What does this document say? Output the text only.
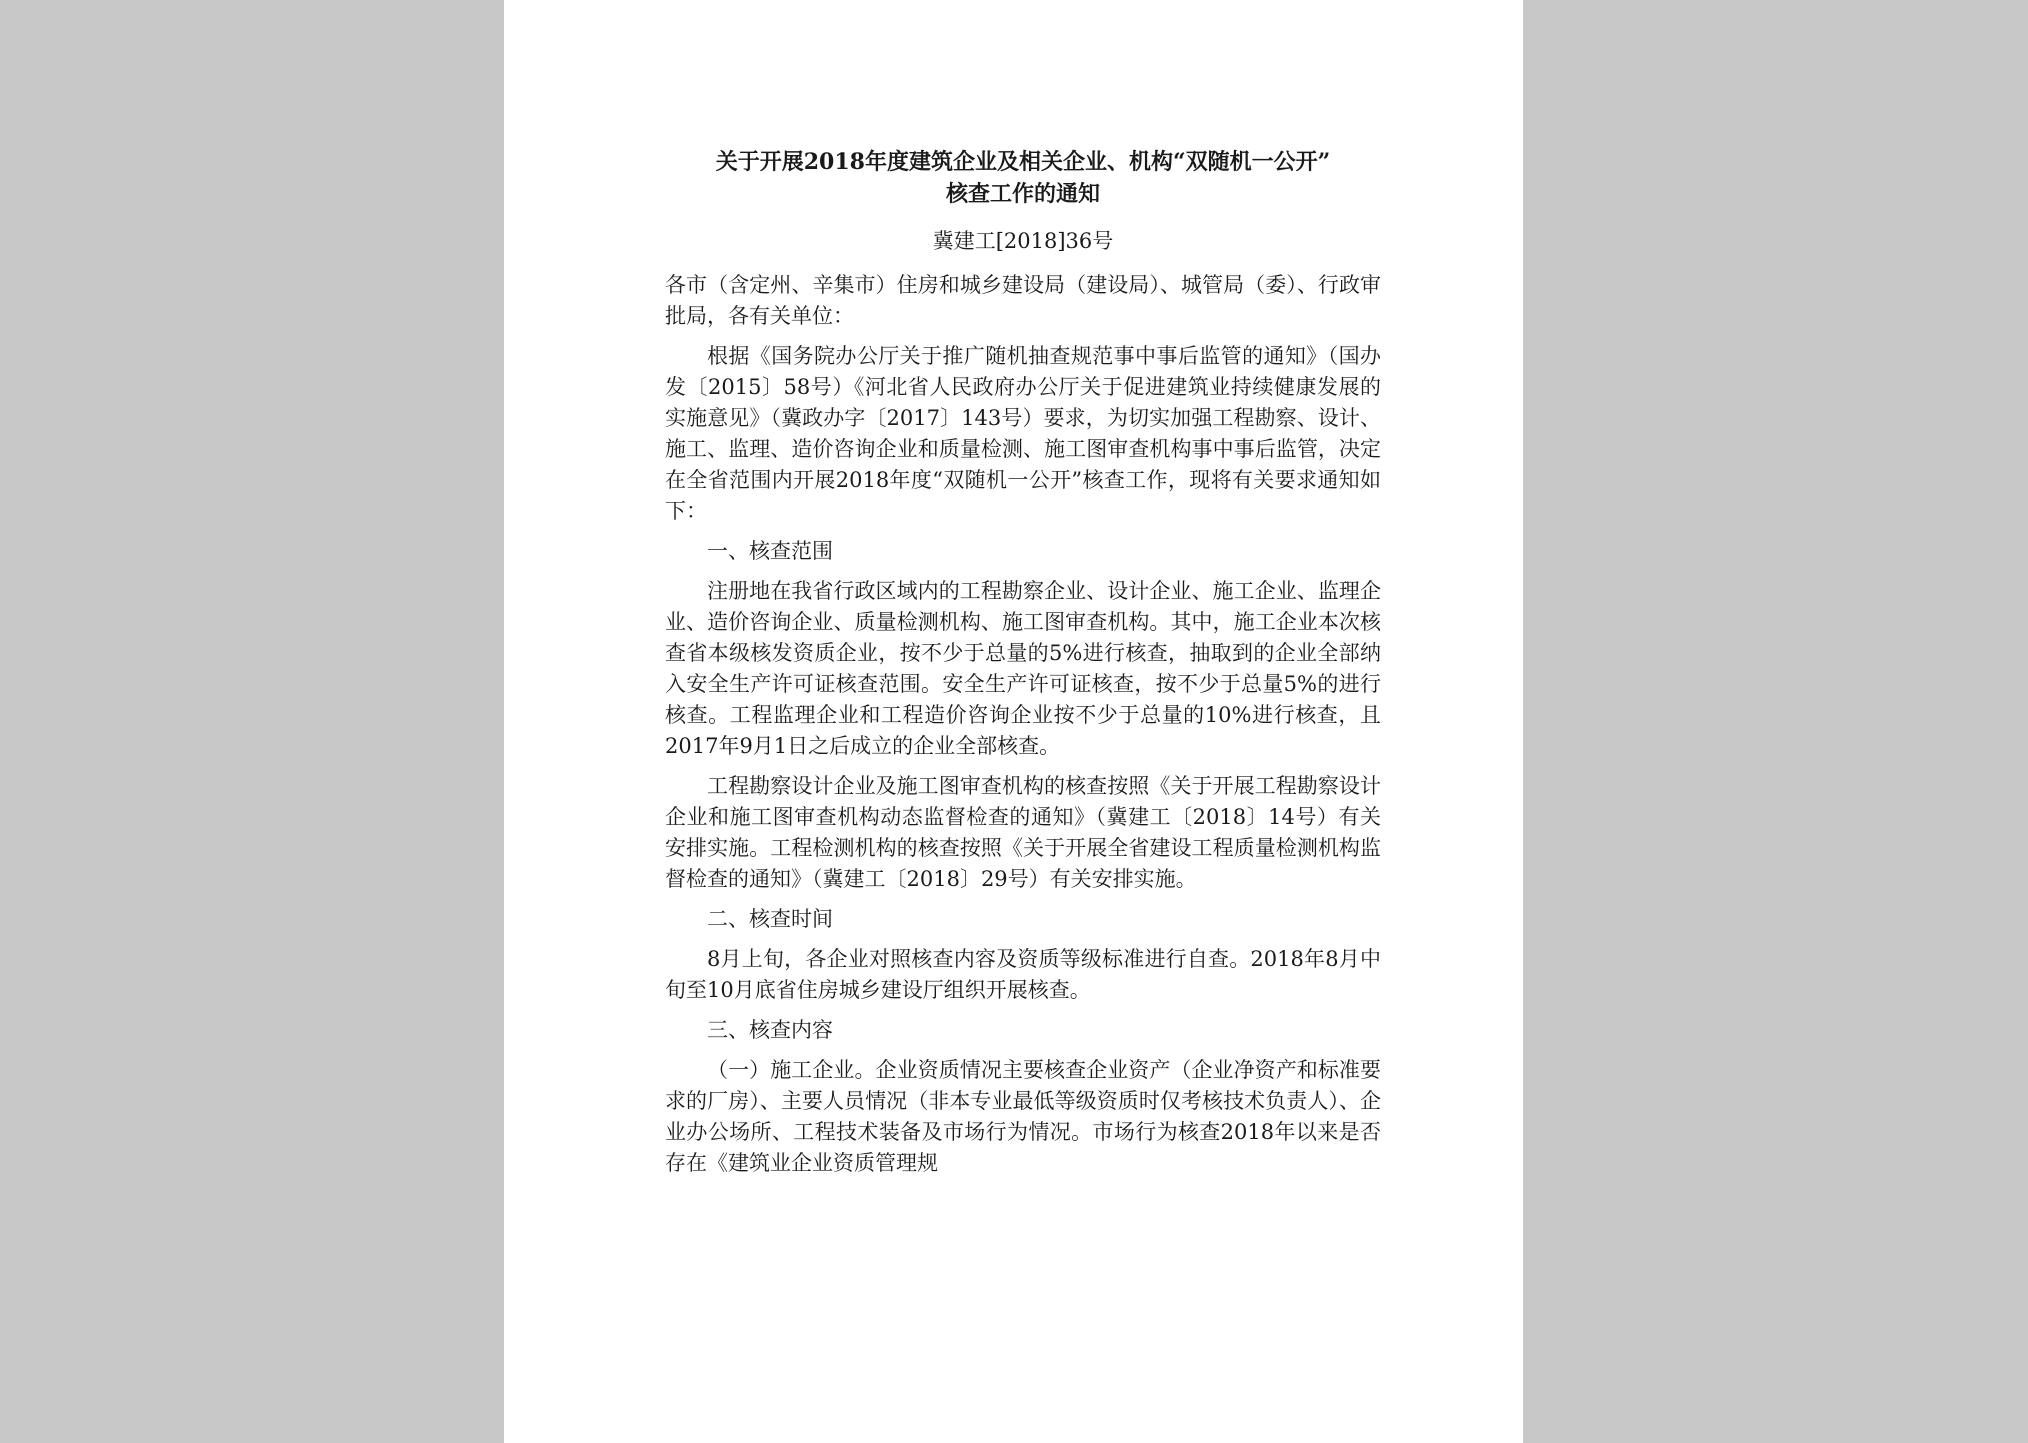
关于开展2018年度建筑企业及相关企业、机构“双随机一公开”

核查工作的通知

冀建工[2018]36号

各市（含定州、辛集市）住房和城乡建设局（建设局）、城管局（委）、行政审批局，各有关单位：

根据《国务院办公厅关于推广随机抽查规范事中事后监管的通知》（国办发〔2015〕58号）《河北省人民政府办公厅关于促进建筑业持续健康发展的实施意见》（冀政办字〔2017〕143号）要求，为切实加强工程勘察、设计、施工、监理、造价咨询企业和质量检测、施工图审查机构事中事后监管，决定在全省范围内开展2018年度“双随机一公开”核查工作，现将有关要求通知如下：

一、核查范围

注册地在我省行政区域内的工程勘察企业、设计企业、施工企业、监理企业、造价咨询企业、质量检测机构、施工图审查机构。其中，施工企业本次核查省本级核发资质企业，按不少于总量的5%进行核查，抽取到的企业全部纳入安全生产许可证核查范围。安全生产许可证核查，按不少于总量5%的进行核查。工程监理企业和工程造价咨询企业按不少于总量的10%进行核查，且2017年9月1日之后成立的企业全部核查。

工程勘察设计企业及施工图审查机构的核查按照《关于开展工程勘察设计企业和施工图审查机构动态监督检查的通知》（冀建工〔2018〕14号）有关安排实施。工程检测机构的核查按照《关于开展全省建设工程质量检测机构监督检查的通知》（冀建工〔2018〕29号）有关安排实施。

二、核查时间

8月上旬，各企业对照核查内容及资质等级标准进行自查。2018年8月中旬至10月底省住房城乡建设厅组织开展核查。

三、核查内容

（一）施工企业。企业资质情况主要核查企业资产（企业净资产和标准要求的厂房）、主要人员情况（非本专业最低等级资质时仅考核技术负责人）、企业办公场所、工程技术装备及市场行为情况。市场行为核查2018年以来是否存在《建筑业企业资质管理规
